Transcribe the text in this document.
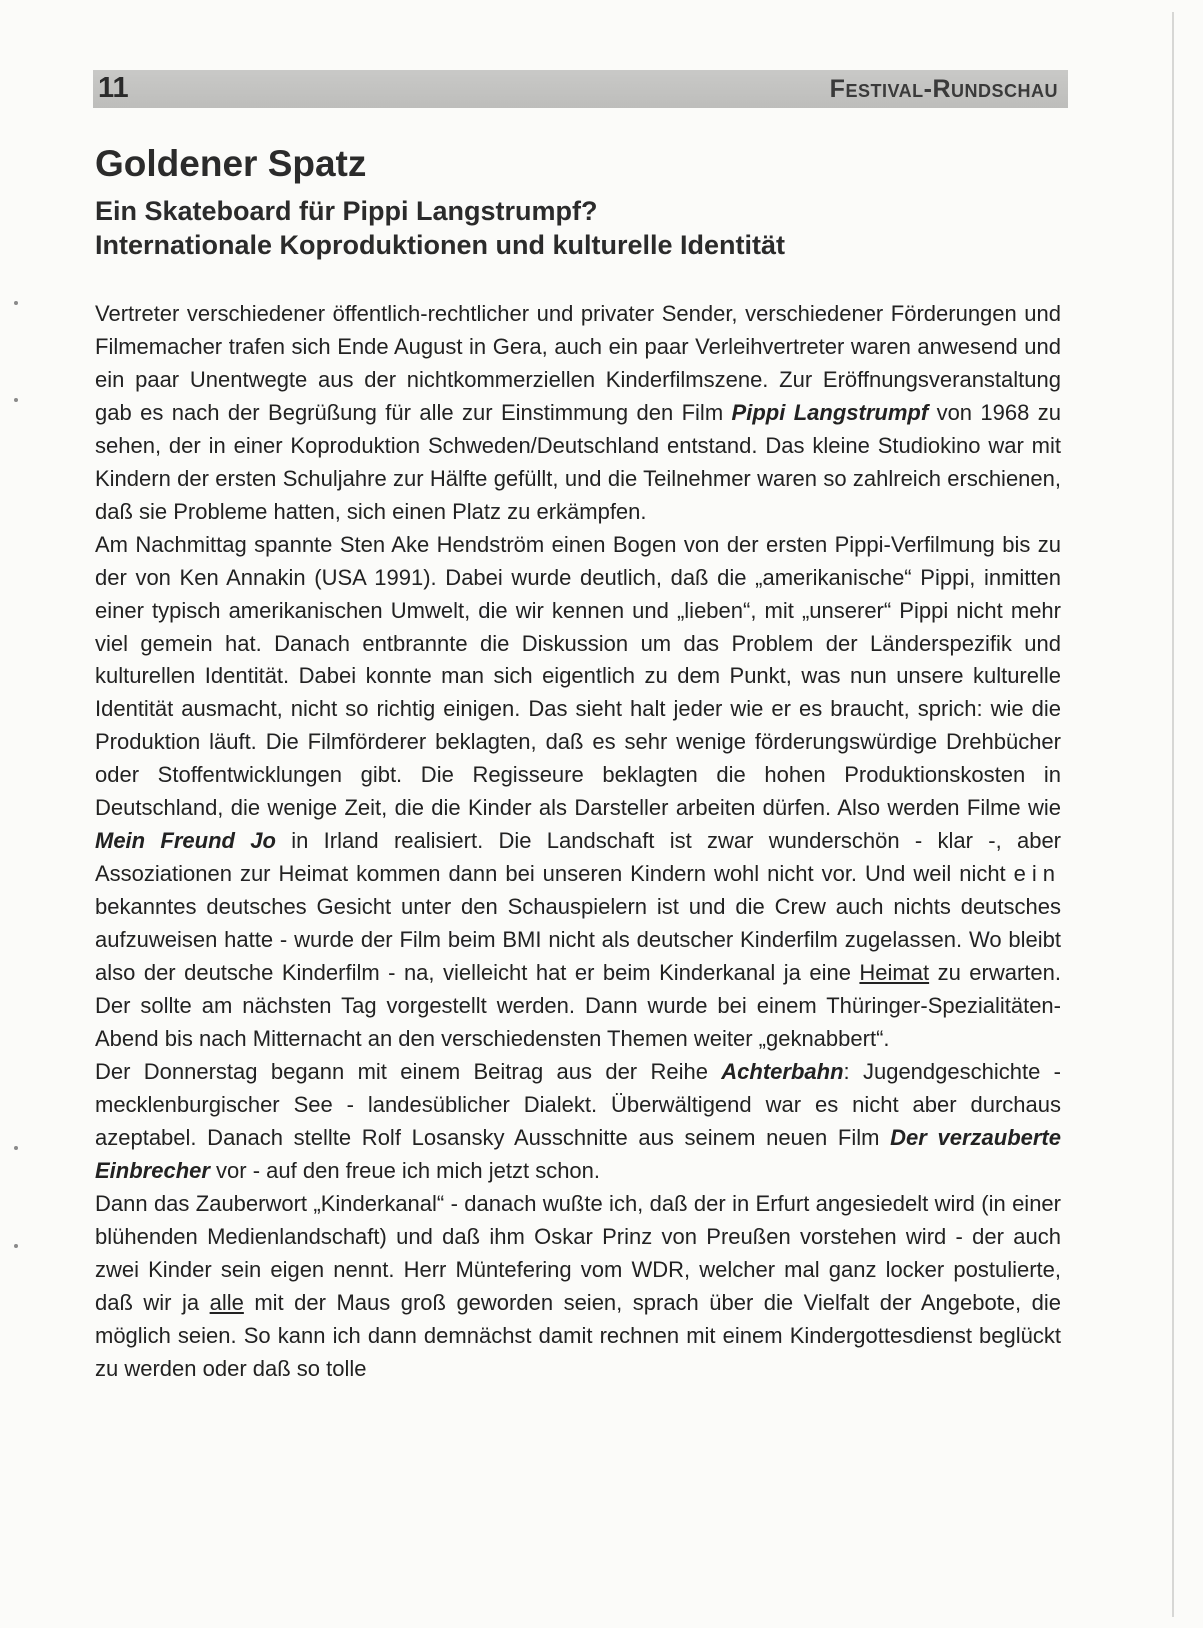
11	Festival-Rundschau
Goldener Spatz
Ein Skateboard für Pippi Langstrumpf?
Internationale Koproduktionen und kulturelle Identität

Vertreter verschiedener öffentlich-rechtlicher und privater Sender, verschiedener Förderungen und Filmemacher trafen sich Ende August in Gera, auch ein paar Verleihvertreter waren anwesend und ein paar Unentwegte aus der nichtkommerziellen Kinderfilmszene. Zur Eröffnungsveranstaltung gab es nach der Begrüßung für alle zur Einstimmung den Film Pippi Langstrumpf von 1968 zu sehen, der in einer Koproduktion Schweden/Deutschland entstand. Das kleine Studiokino war mit Kindern der ersten Schuljahre zur Hälfte gefüllt, und die Teilnehmer waren so zahlreich erschienen, daß sie Probleme hatten, sich einen Platz zu erkämpfen.

Am Nachmittag spannte Sten Ake Hendström einen Bogen von der ersten Pippi-Verfilmung bis zu der von Ken Annakin (USA 1991). Dabei wurde deutlich, daß die „amerikanische“ Pippi, inmitten einer typisch amerikanischen Umwelt, die wir kennen und „lieben“, mit „unserer“ Pippi nicht mehr viel gemein hat. Danach entbrannte die Diskussion um das Problem der Länderspezifik und kulturellen Identität. Dabei konnte man sich eigentlich zu dem Punkt, was nun unsere kulturelle Identität ausmacht, nicht so richtig einigen. Das sieht halt jeder wie er es braucht, sprich: wie die Produktion läuft. Die Filmförderer beklagten, daß es sehr wenige förderungswürdige Drehbücher oder Stoffentwicklungen gibt. Die Regisseure beklagten die hohen Produktionskosten in Deutschland, die wenige Zeit, die die Kinder als Darsteller arbeiten dürfen. Also werden Filme wie Mein Freund Jo in Irland realisiert. Die Landschaft ist zwar wunderschön - klar -, aber Assoziationen zur Heimat kommen dann bei unseren Kindern wohl nicht vor. Und weil nicht ein bekanntes deutsches Gesicht unter den Schauspielern ist und die Crew auch nichts deutsches aufzuweisen hatte - wurde der Film beim BMI nicht als deutscher Kinderfilm zugelassen. Wo bleibt also der deutsche Kinderfilm - na, vielleicht hat er beim Kinderkanal ja eine Heimat zu erwarten. Der sollte am nächsten Tag vorgestellt werden. Dann wurde bei einem Thüringer-Spezialitäten-Abend bis nach Mitternacht an den verschiedensten Themen weiter „geknabbert“.

Der Donnerstag begann mit einem Beitrag aus der Reihe Achterbahn: Jugendgeschichte - mecklenburgischer See - landesüblicher Dialekt. Überwältigend war es nicht aber durchaus azeptabel. Danach stellte Rolf Losansky Ausschnitte aus seinem neuen Film Der verzauberte Einbrecher vor - auf den freue ich mich jetzt schon.

Dann das Zauberwort „Kinderkanal“ - danach wußte ich, daß der in Erfurt angesiedelt wird (in einer blühenden Medienlandschaft) und daß ihm Oskar Prinz von Preußen vorstehen wird - der auch zwei Kinder sein eigen nennt. Herr Müntefering vom WDR, welcher mal ganz locker postulierte, daß wir ja alle mit der Maus groß geworden seien, sprach über die Vielfalt der Angebote, die möglich seien. So kann ich dann demnächst damit rechnen mit einem Kindergottesdienst beglückt zu werden oder daß so tolle
